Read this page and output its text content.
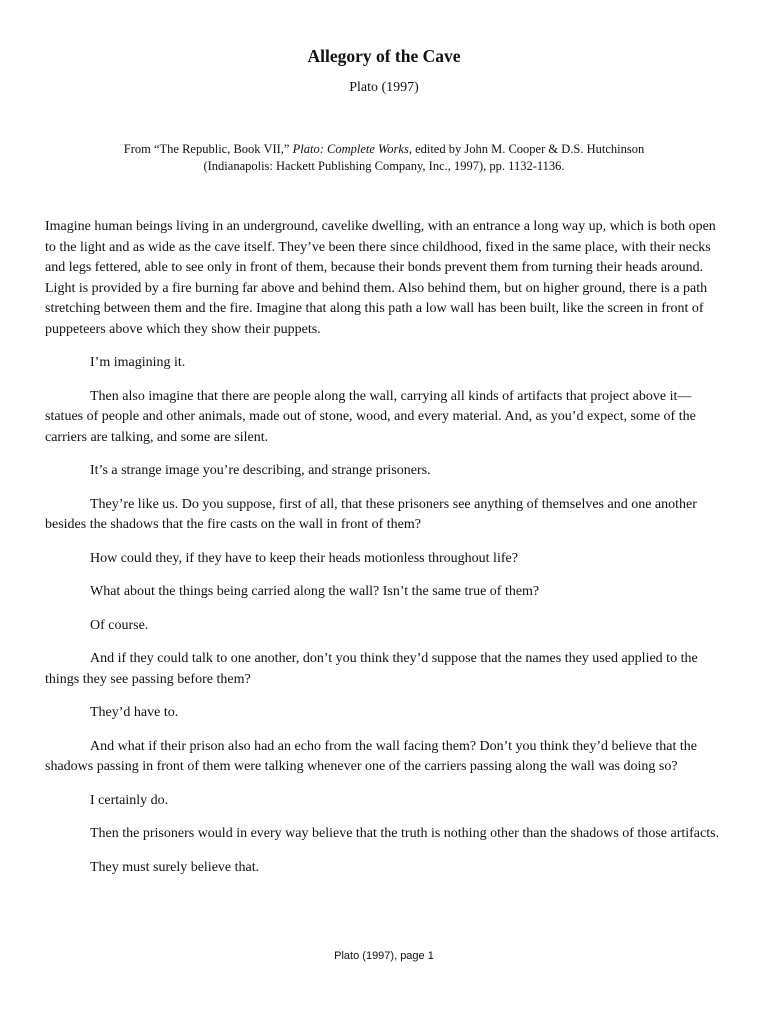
Allegory of the Cave
Plato (1997)
From “The Republic, Book VII,” Plato: Complete Works, edited by John M. Cooper & D.S. Hutchinson
(Indianapolis: Hackett Publishing Company, Inc., 1997), pp. 1132-1136.

Imagine human beings living in an underground, cavelike dwelling, with an entrance a long way up, which is both open to the light and as wide as the cave itself. They’ve been there since childhood, fixed in the same place, with their necks and legs fettered, able to see only in front of them, because their bonds prevent them from turning their heads around. Light is provided by a fire burning far above and behind them. Also behind them, but on higher ground, there is a path stretching between them and the fire. Imagine that along this path a low wall has been built, like the screen in front of puppeteers above which they show their puppets.

I’m imagining it.

Then also imagine that there are people along the wall, carrying all kinds of artifacts that project above it—statues of people and other animals, made out of stone, wood, and every material. And, as you’d expect, some of the carriers are talking, and some are silent.

It’s a strange image you’re describing, and strange prisoners.

They’re like us. Do you suppose, first of all, that these prisoners see anything of themselves and one another besides the shadows that the fire casts on the wall in front of them?

How could they, if they have to keep their heads motionless throughout life?

What about the things being carried along the wall? Isn’t the same true of them?

Of course.

And if they could talk to one another, don’t you think they’d suppose that the names they used applied to the things they see passing before them?

They’d have to.

And what if their prison also had an echo from the wall facing them? Don’t you think they’d believe that the shadows passing in front of them were talking whenever one of the carriers passing along the wall was doing so?

I certainly do.

Then the prisoners would in every way believe that the truth is nothing other than the shadows of those artifacts.

They must surely believe that.

Plato (1997), page 1
